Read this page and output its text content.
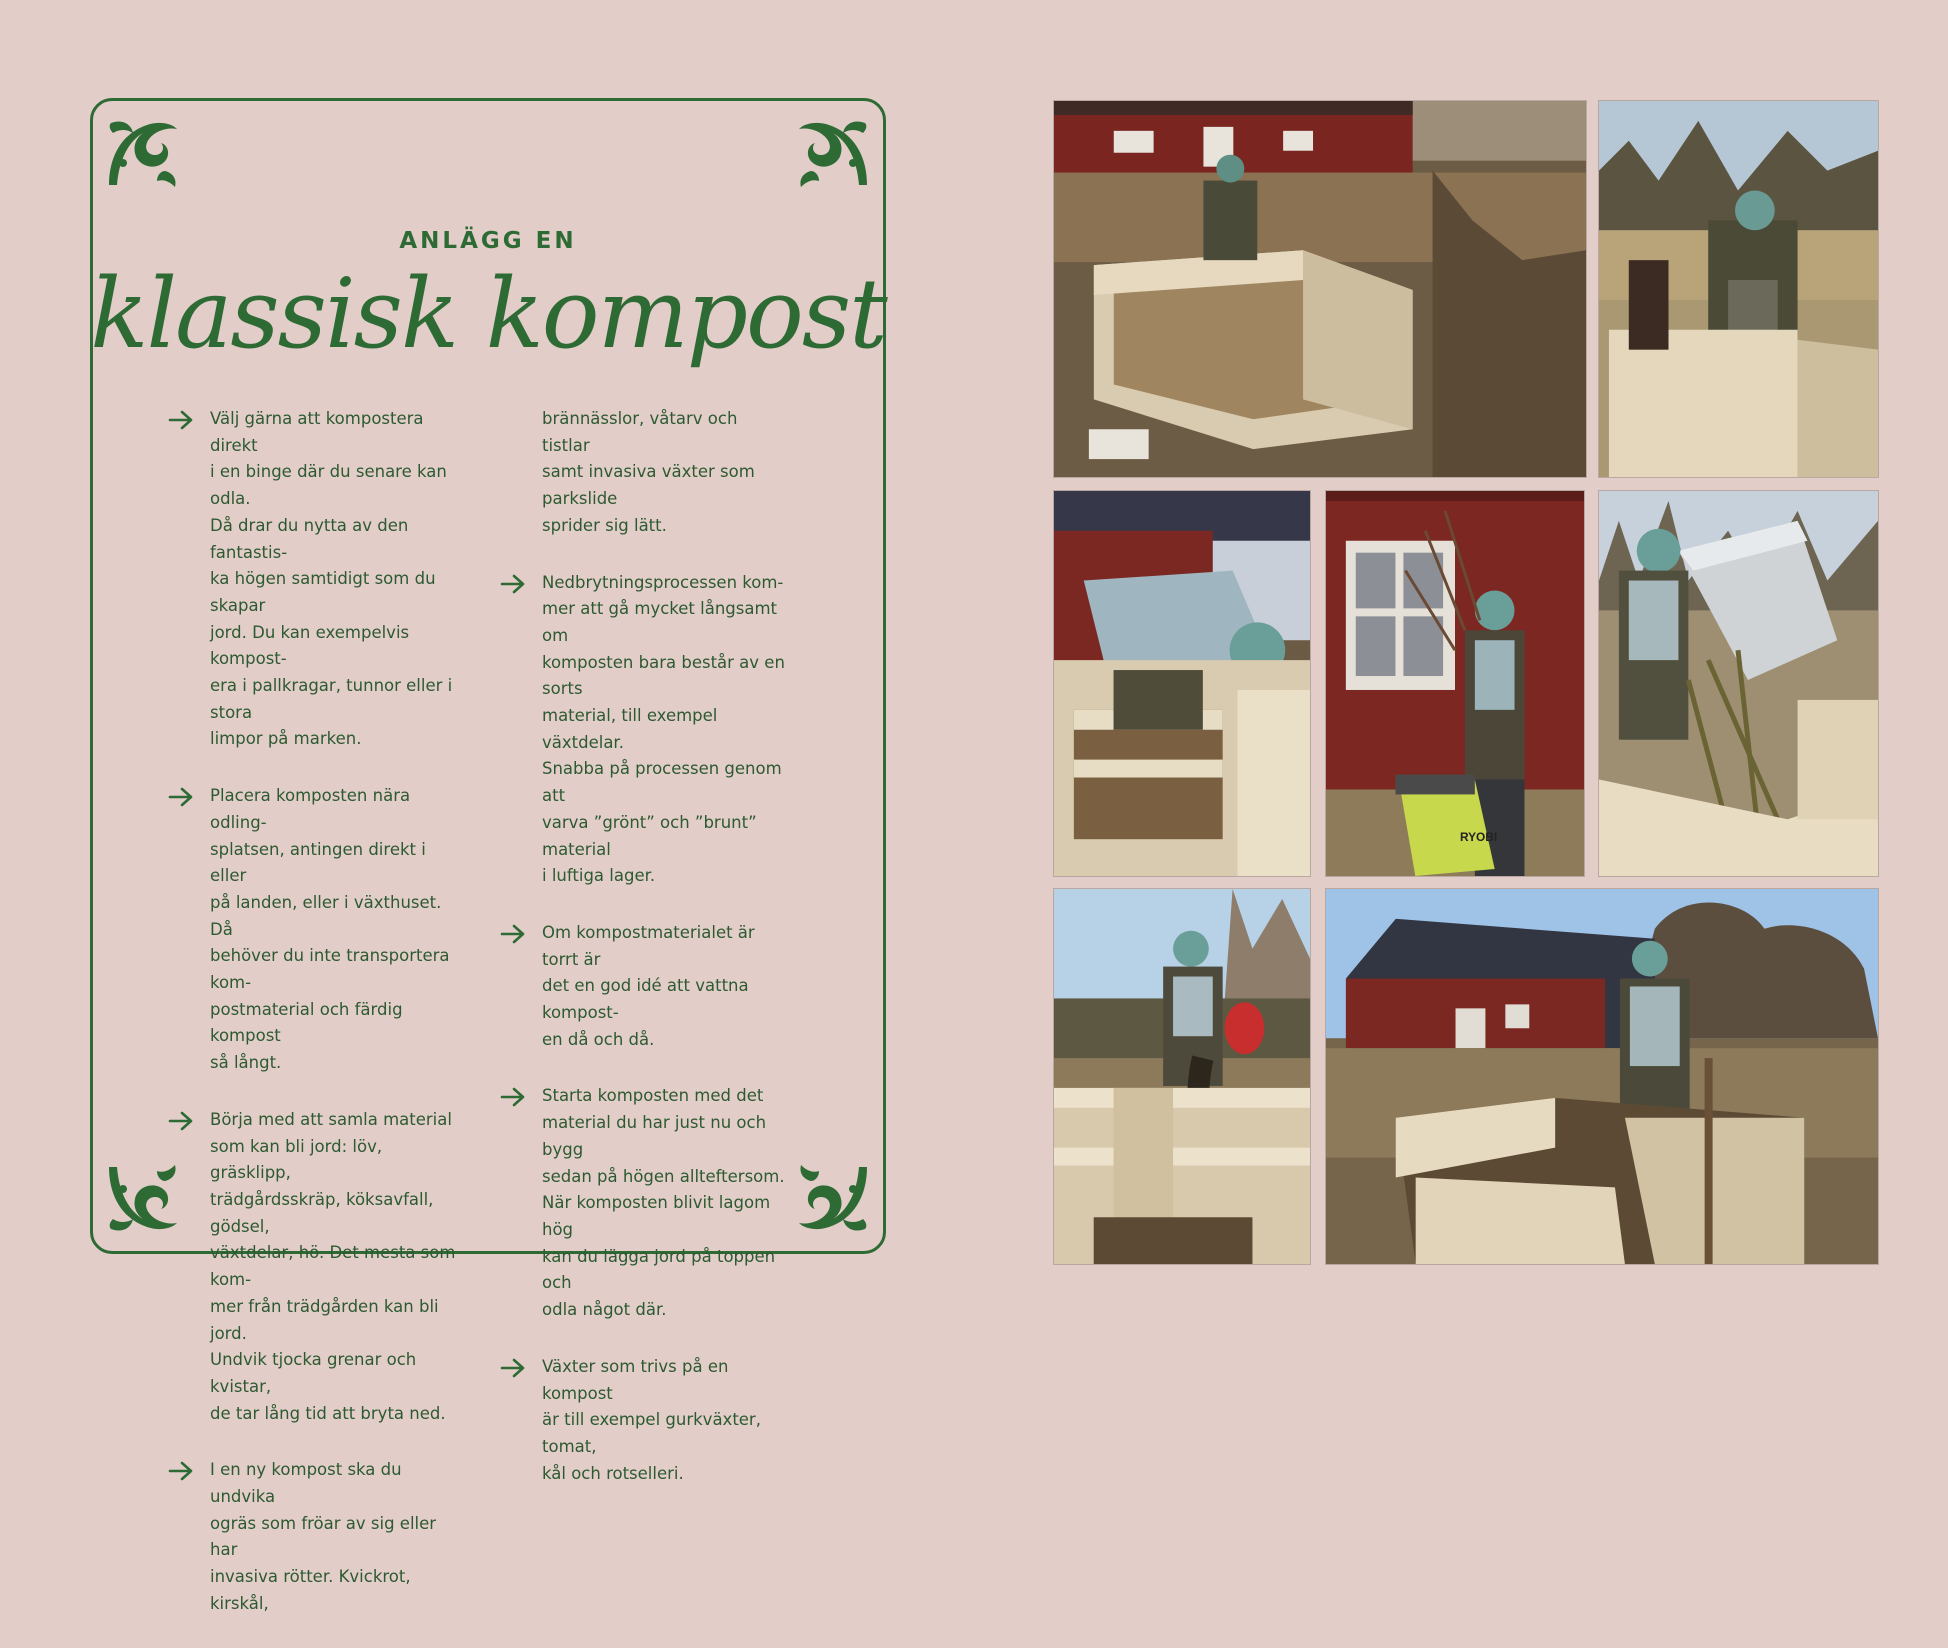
ANLÄGG EN
klassisk kompost

Välj gärna att kompostera direkt
i en binge där du senare kan odla.
Då drar du nytta av den fantastis-
ka högen samtidigt som du skapar
jord. Du kan exempelvis kompost-
era i pallkragar, tunnor eller i stora
limpor på marken.

Placera komposten nära odling-
splatsen, antingen direkt i eller
på landen, eller i växthuset. Då
behöver du inte transportera kom-
postmaterial och färdig kompost
så långt.

Börja med att samla material
som kan bli jord: löv, gräsklipp,
trädgårdsskräp, köksavfall, gödsel,
växtdelar, hö. Det mesta som kom-
mer från trädgården kan bli jord.
Undvik tjocka grenar och kvistar,
de tar lång tid att bryta ned.

I en ny kompost ska du undvika
ogräs som fröar av sig eller har
invasiva rötter. Kvickrot, kirskål,

brännässlor, våtarv och tistlar
samt invasiva växter som parkslide
sprider sig lätt.

Nedbrytningsprocessen kom-
mer att gå mycket långsamt om
komposten bara består av en sorts
material, till exempel växtdelar.
Snabba på processen genom att
varva ”grönt” och ”brunt” material
i luftiga lager.

Om kompostmaterialet är torrt är
det en god idé att vattna kompost-
en då och då.

Starta komposten med det
material du har just nu och bygg
sedan på högen allteftersom.
När komposten blivit lagom hög
kan du lägga jord på toppen och
odla något där.

Växter som trivs på en kompost
är till exempel gurkväxter, tomat,
kål och rotselleri.

RYOBI
